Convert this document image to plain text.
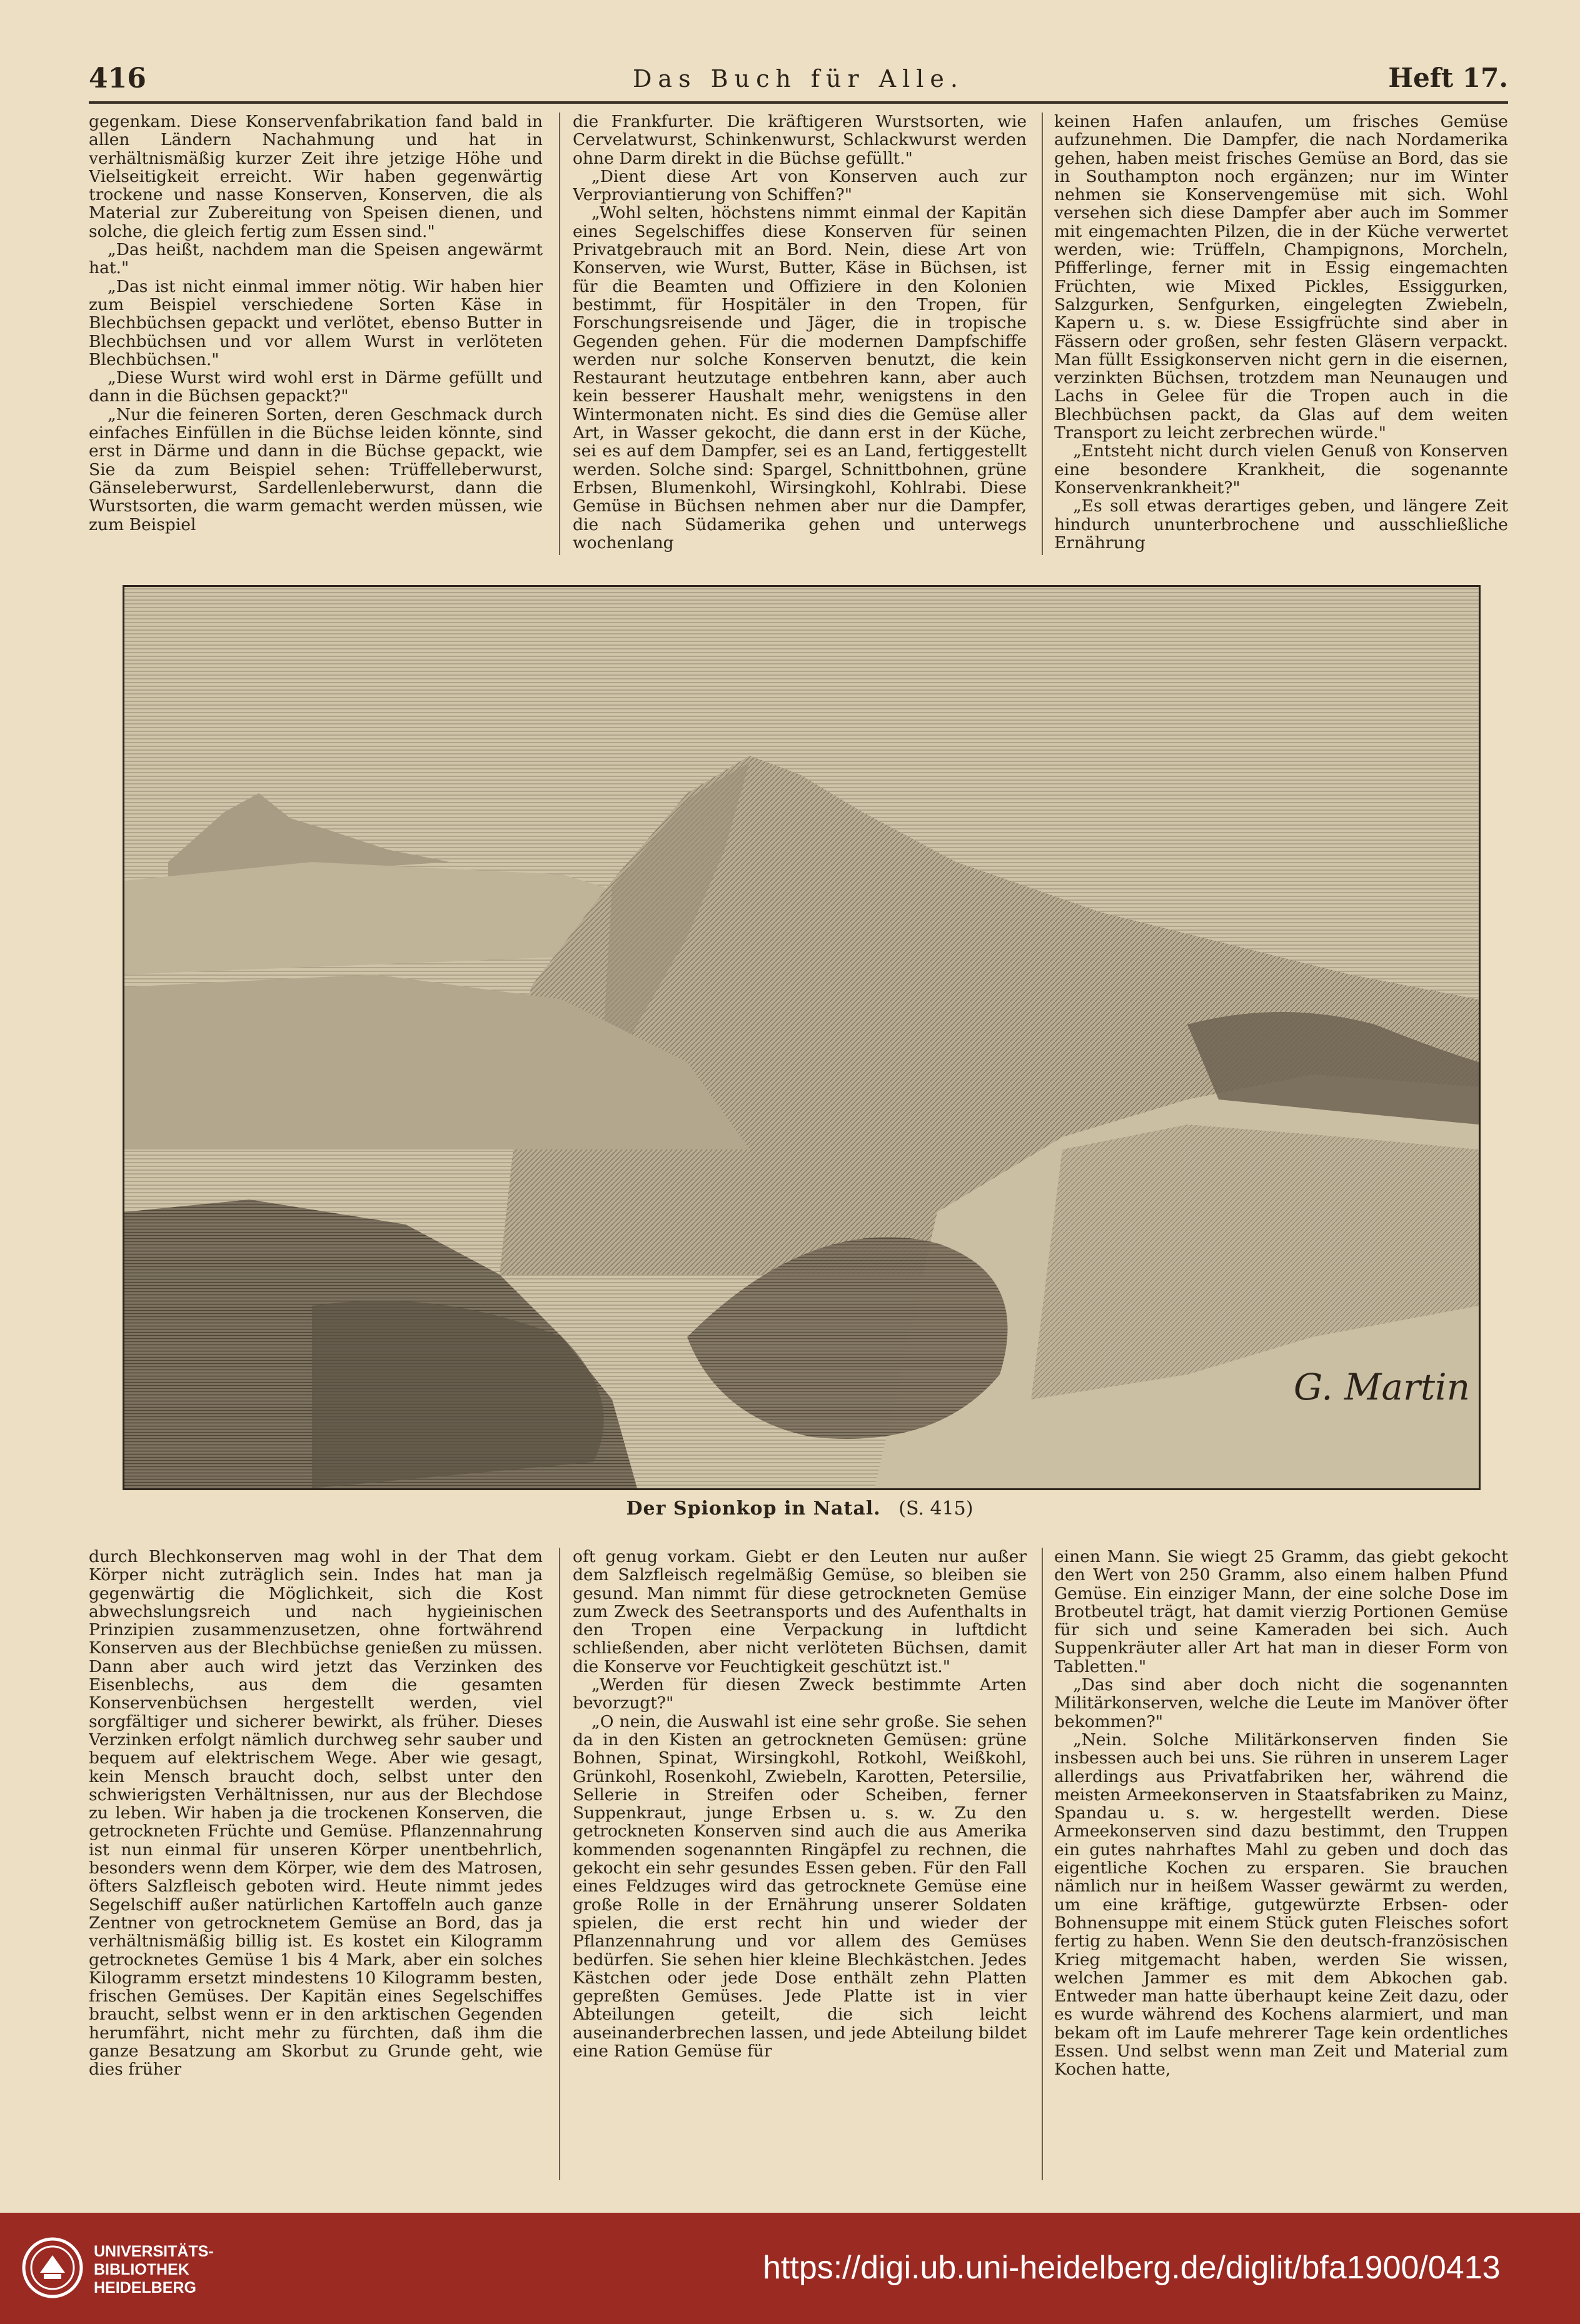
416	Das Buch für Alle.	Heft 17.

gegenkam. Diese Konservenfabrikation fand bald in allen Ländern Nachahmung und hat in verhältnismäßig kurzer Zeit ihre jetzige Höhe und Vielseitigkeit erreicht. Wir haben gegenwärtig trockene und nasse Konserven, Konserven, die als Material zur Zubereitung von Speisen dienen, und solche, die gleich fertig zum Essen sind."

„Das heißt, nachdem man die Speisen angewärmt hat."

„Das ist nicht einmal immer nötig. Wir haben hier zum Beispiel verschiedene Sorten Käse in Blechbüchsen gepackt und verlötet, ebenso Butter in Blechbüchsen und vor allem Wurst in verlöteten Blechbüchsen."

„Diese Wurst wird wohl erst in Därme gefüllt und dann in die Büchsen gepackt?"

„Nur die feineren Sorten, deren Geschmack durch einfaches Einfüllen in die Büchse leiden könnte, sind erst in Därme und dann in die Büchse gepackt, wie Sie da zum Beispiel sehen: Trüffelleberwurst, Gänseleberwurst, Sardellenleberwurst, dann die Wurstsorten, die warm gemacht werden müssen, wie zum Beispiel

die Frankfurter. Die kräftigeren Wurstsorten, wie Cervelatwurst, Schinkenwurst, Schlackwurst werden ohne Darm direkt in die Büchse gefüllt."

„Dient diese Art von Konserven auch zur Verproviantierung von Schiffen?"

„Wohl selten, höchstens nimmt einmal der Kapitän eines Segelschiffes diese Konserven für seinen Privatgebrauch mit an Bord. Nein, diese Art von Konserven, wie Wurst, Butter, Käse in Büchsen, ist für die Beamten und Offiziere in den Kolonien bestimmt, für Hospitäler in den Tropen, für Forschungsreisende und Jäger, die in tropische Gegenden gehen. Für die modernen Dampfschiffe werden nur solche Konserven benutzt, die kein Restaurant heutzutage entbehren kann, aber auch kein besserer Haushalt mehr, wenigstens in den Wintermonaten nicht. Es sind dies die Gemüse aller Art, in Wasser gekocht, die dann erst in der Küche, sei es auf dem Dampfer, sei es an Land, fertiggestellt werden. Solche sind: Spargel, Schnittbohnen, grüne Erbsen, Blumenkohl, Wirsingkohl, Kohlrabi. Diese Gemüse in Büchsen nehmen aber nur die Dampfer, die nach Südamerika gehen und unterwegs wochenlang

keinen Hafen anlaufen, um frisches Gemüse aufzunehmen. Die Dampfer, die nach Nordamerika gehen, haben meist frisches Gemüse an Bord, das sie in Southampton noch ergänzen; nur im Winter nehmen sie Konservengemüse mit sich. Wohl versehen sich diese Dampfer aber auch im Sommer mit eingemachten Pilzen, die in der Küche verwertet werden, wie: Trüffeln, Champignons, Morcheln, Pfifferlinge, ferner mit in Essig eingemachten Früchten, wie Mixed Pickles, Essiggurken, Salzgurken, Senfgurken, eingelegten Zwiebeln, Kapern u. s. w. Diese Essigfrüchte sind aber in Fässern oder großen, sehr festen Gläsern verpackt. Man füllt Essigkonserven nicht gern in die eisernen, verzinkten Büchsen, trotzdem man Neunaugen und Lachs in Gelee für die Tropen auch in die Blechbüchsen packt, da Glas auf dem weiten Transport zu leicht zerbrechen würde."

„Entsteht nicht durch vielen Genuß von Konserven eine besondere Krankheit, die sogenannte Konservenkrankheit?"

„Es soll etwas derartiges geben, und längere Zeit hindurch ununterbrochene und ausschließliche Ernährung

G. Martin
Der Spionkop in Natal. (S. 415)

durch Blechkonserven mag wohl in der That dem Körper nicht zuträglich sein. Indes hat man ja gegenwärtig die Möglichkeit, sich die Kost abwechslungsreich und nach hygieinischen Prinzipien zusammenzusetzen, ohne fortwährend Konserven aus der Blechbüchse genießen zu müssen. Dann aber auch wird jetzt das Verzinken des Eisenblechs, aus dem die gesamten Konservenbüchsen hergestellt werden, viel sorgfältiger und sicherer bewirkt, als früher. Dieses Verzinken erfolgt nämlich durchweg sehr sauber und bequem auf elektrischem Wege. Aber wie gesagt, kein Mensch braucht doch, selbst unter den schwierigsten Verhältnissen, nur aus der Blechdose zu leben. Wir haben ja die trockenen Konserven, die getrockneten Früchte und Gemüse. Pflanzennahrung ist nun einmal für unseren Körper unentbehrlich, besonders wenn dem Körper, wie dem des Matrosen, öfters Salzfleisch geboten wird. Heute nimmt jedes Segelschiff außer natürlichen Kartoffeln auch ganze Zentner von getrocknetem Gemüse an Bord, das ja verhältnismäßig billig ist. Es kostet ein Kilogramm getrocknetes Gemüse 1 bis 4 Mark, aber ein solches Kilogramm ersetzt mindestens 10 Kilogramm besten, frischen Gemüses. Der Kapitän eines Segelschiffes braucht, selbst wenn er in den arktischen Gegenden herumfährt, nicht mehr zu fürchten, daß ihm die ganze Besatzung am Skorbut zu Grunde geht, wie dies früher

oft genug vorkam. Giebt er den Leuten nur außer dem Salzfleisch regelmäßig Gemüse, so bleiben sie gesund. Man nimmt für diese getrockneten Gemüse zum Zweck des Seetransports und des Aufenthalts in den Tropen eine Verpackung in luftdicht schließenden, aber nicht verlöteten Büchsen, damit die Konserve vor Feuchtigkeit geschützt ist."

„Werden für diesen Zweck bestimmte Arten bevorzugt?"

„O nein, die Auswahl ist eine sehr große. Sie sehen da in den Kisten an getrockneten Gemüsen: grüne Bohnen, Spinat, Wirsingkohl, Rotkohl, Weißkohl, Grünkohl, Rosenkohl, Zwiebeln, Karotten, Petersilie, Sellerie in Streifen oder Scheiben, ferner Suppenkraut, junge Erbsen u. s. w. Zu den getrockneten Konserven sind auch die aus Amerika kommenden sogenannten Ringäpfel zu rechnen, die gekocht ein sehr gesundes Essen geben. Für den Fall eines Feldzuges wird das getrocknete Gemüse eine große Rolle in der Ernährung unserer Soldaten spielen, die erst recht hin und wieder der Pflanzennahrung und vor allem des Gemüses bedürfen. Sie sehen hier kleine Blechkästchen. Jedes Kästchen oder jede Dose enthält zehn Platten gepreßten Gemüses. Jede Platte ist in vier Abteilungen geteilt, die sich leicht auseinanderbrechen lassen, und jede Abteilung bildet eine Ration Gemüse für

einen Mann. Sie wiegt 25 Gramm, das giebt gekocht den Wert von 250 Gramm, also einem halben Pfund Gemüse. Ein einziger Mann, der eine solche Dose im Brotbeutel trägt, hat damit vierzig Portionen Gemüse für sich und seine Kameraden bei sich. Auch Suppenkräuter aller Art hat man in dieser Form von Tabletten."

„Das sind aber doch nicht die sogenannten Militärkonserven, welche die Leute im Manöver öfter bekommen?"

„Nein. Solche Militärkonserven finden Sie insbessen auch bei uns. Sie rühren in unserem Lager allerdings aus Privatfabriken her, während die meisten Armeekonserven in Staatsfabriken zu Mainz, Spandau u. s. w. hergestellt werden. Diese Armeekonserven sind dazu bestimmt, den Truppen ein gutes nahrhaftes Mahl zu geben und doch das eigentliche Kochen zu ersparen. Sie brauchen nämlich nur in heißem Wasser gewärmt zu werden, um eine kräftige, gutgewürzte Erbsen- oder Bohnensuppe mit einem Stück guten Fleisches sofort fertig zu haben. Wenn Sie den deutsch-französischen Krieg mitgemacht haben, werden Sie wissen, welchen Jammer es mit dem Abkochen gab. Entweder man hatte überhaupt keine Zeit dazu, oder es wurde während des Kochens alarmiert, und man bekam oft im Laufe mehrerer Tage kein ordentliches Essen. Und selbst wenn man Zeit und Material zum Kochen hatte,

UNIVERSITÄTS-
BIBLIOTHEK
HEIDELBERG
https://digi.ub.uni-heidelberg.de/diglit/bfa1900/0413
